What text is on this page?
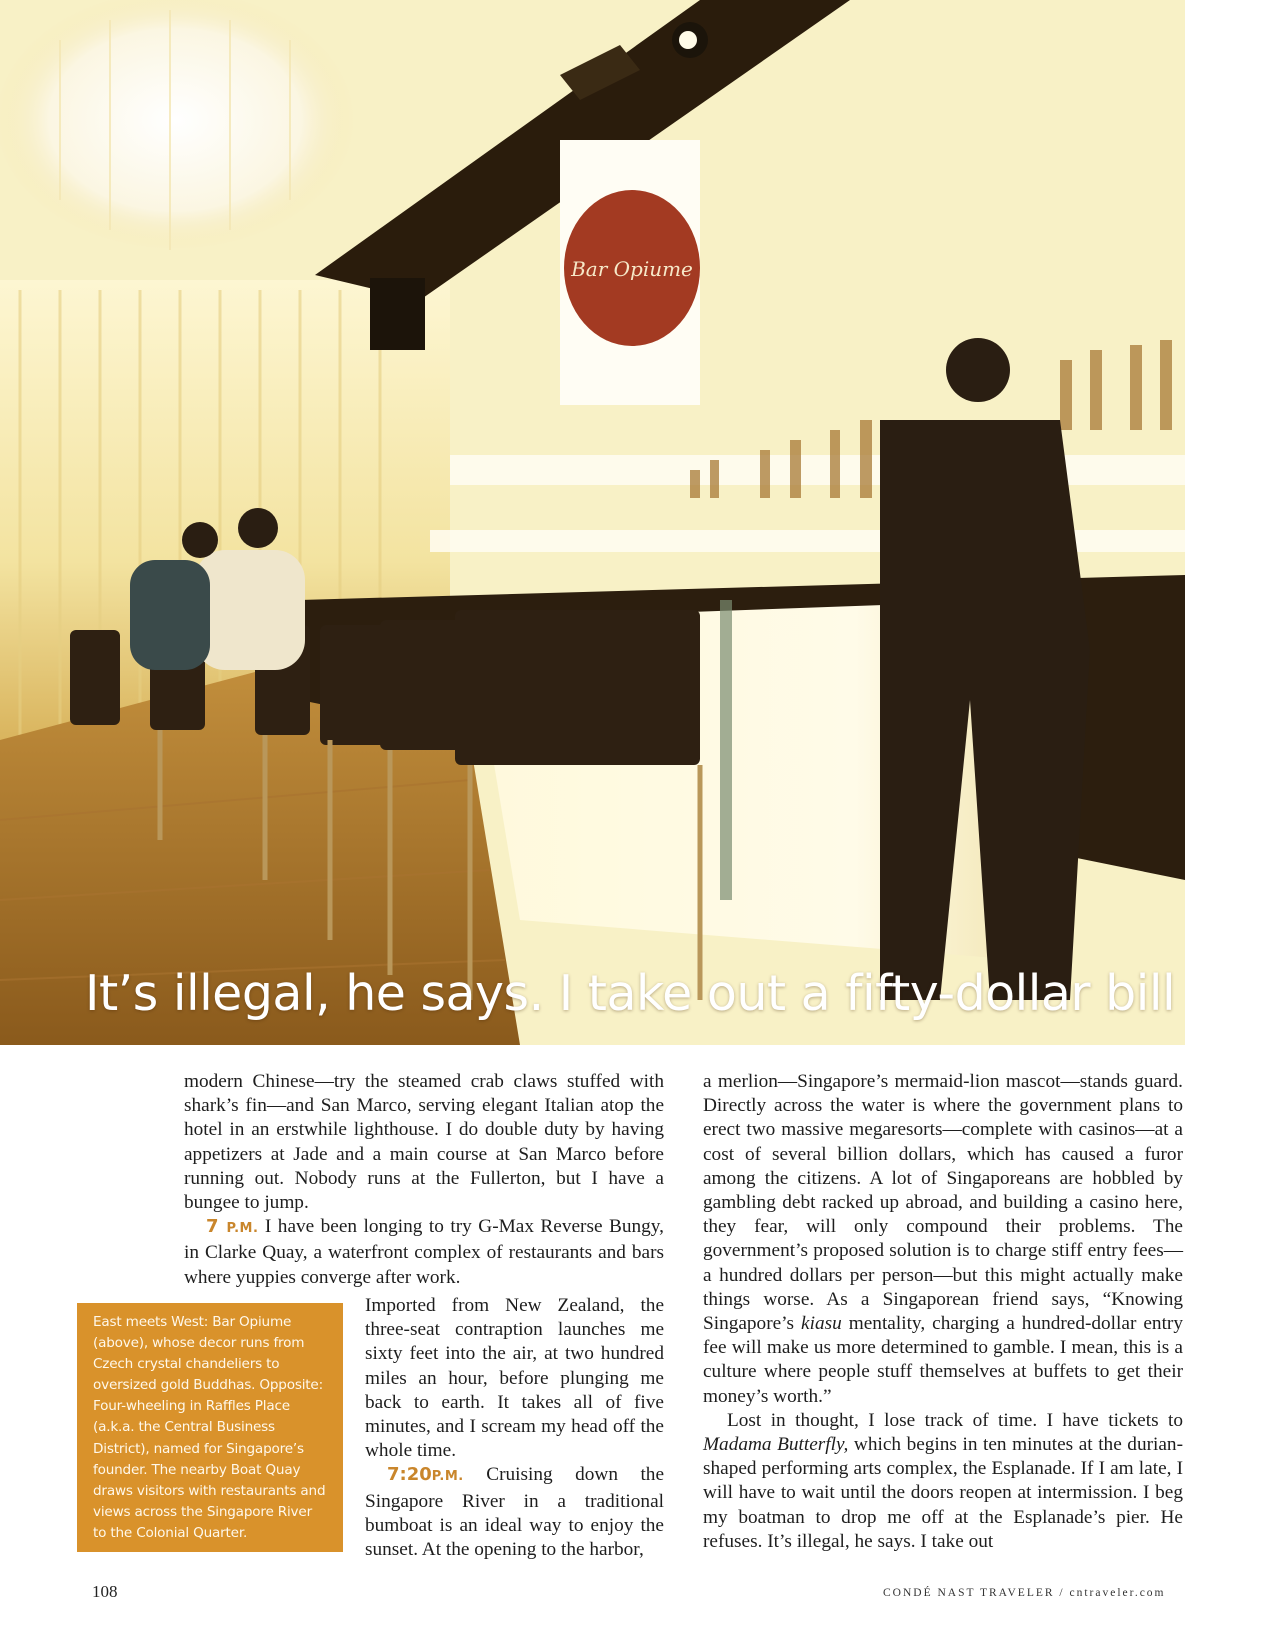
Bar Opiume
It’s illegal, he says. I take out a fifty-dollar bill

modern Chinese—try the steamed crab claws stuffed with shark’s fin—and San Marco, serving elegant Italian atop the hotel in an erstwhile lighthouse. I do double duty by having appetizers at Jade and a main course at San Marco before running out. Nobody runs at the Fullerton, but I have a bungee to jump.

7 P.M. I have been longing to try G-Max Reverse Bungy, in Clarke Quay, a waterfront complex of restaurants and bars where yuppies converge after work.

Imported from New Zealand, the three-seat contraption launches me sixty feet into the air, at two hundred miles an hour, before plunging me back to earth. It takes all of five minutes, and I scream my head off the whole time.

7:20P.M. Cruising down the Singapore River in a traditional bumboat is an ideal way to enjoy the sunset. At the opening to the harbor,

a merlion—Singapore’s mermaid-lion mascot—stands guard. Directly across the water is where the government plans to erect two massive megaresorts—complete with casinos—at a cost of several billion dollars, which has caused a furor among the citizens. A lot of Singaporeans are hobbled by gambling debt racked up abroad, and building a casino here, they fear, will only compound their problems. The government’s proposed solution is to charge stiff entry fees—a hundred dollars per person—but this might actually make things worse. As a Singaporean friend says, “Knowing Singapore’s kiasu mentality, charging a hundred-dollar entry fee will make us more determined to gamble. I mean, this is a culture where people stuff themselves at buffets to get their money’s worth.”

Lost in thought, I lose track of time. I have tickets to Madama Butterfly, which begins in ten minutes at the durian-shaped performing arts complex, the Esplanade. If I am late, I will have to wait until the doors reopen at intermission. I beg my boatman to drop me off at the Esplanade’s pier. He refuses. It’s illegal, he says. I take out

East meets West: Bar Opiume (above), whose decor runs from Czech crystal chandeliers to oversized gold Buddhas. Opposite: Four-wheeling in Raffles Place (a.k.a. the Central Business District), named for Singapore’s founder. The nearby Boat Quay draws visitors with restaurants and views across the Singapore River to the Colonial Quarter.
108	CONDÉ NAST TRAVELER / cntraveler.com
